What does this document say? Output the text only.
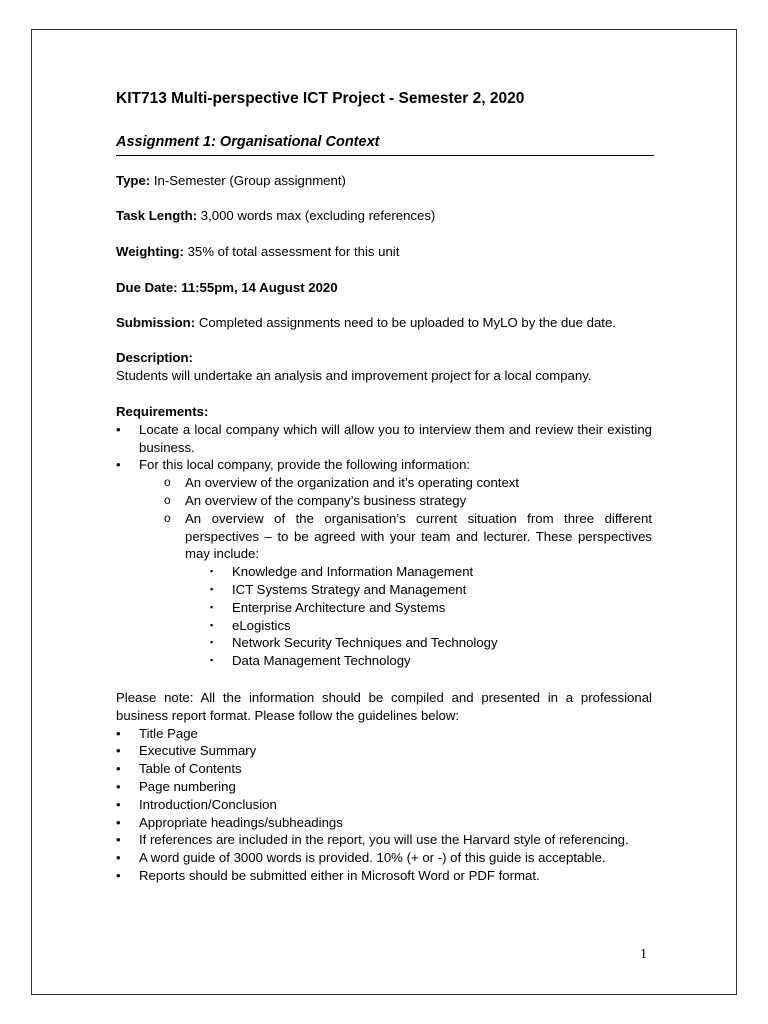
KIT713 Multi-perspective ICT Project - Semester 2, 2020
Assignment 1: Organisational Context
Type: In-Semester (Group assignment)
Task Length: 3,000 words max (excluding references)
Weighting: 35% of total assessment for this unit
Due Date: 11:55pm, 14 August 2020
Submission: Completed assignments need to be uploaded to MyLO by the due date.
Description:
Students will undertake an analysis and improvement project for a local company.
Requirements:
• Locate a local company which will allow you to interview them and review their existing business.
• For this local company, provide the following information:
o An overview of the organization and it’s operating context
o An overview of the company’s business strategy
o An overview of the organisation’s current situation from three different perspectives – to be agreed with your team and lecturer. These perspectives may include:
▪ Knowledge and Information Management
▪ ICT Systems Strategy and Management
▪ Enterprise Architecture and Systems
▪ eLogistics
▪ Network Security Techniques and Technology
▪ Data Management Technology
Please note: All the information should be compiled and presented in a professional business report format. Please follow the guidelines below:
• Title Page
• Executive Summary
• Table of Contents
• Page numbering
• Introduction/Conclusion
• Appropriate headings/subheadings
• If references are included in the report, you will use the Harvard style of referencing.
• A word guide of 3000 words is provided. 10% (+ or -) of this guide is acceptable.
• Reports should be submitted either in Microsoft Word or PDF format.
1
